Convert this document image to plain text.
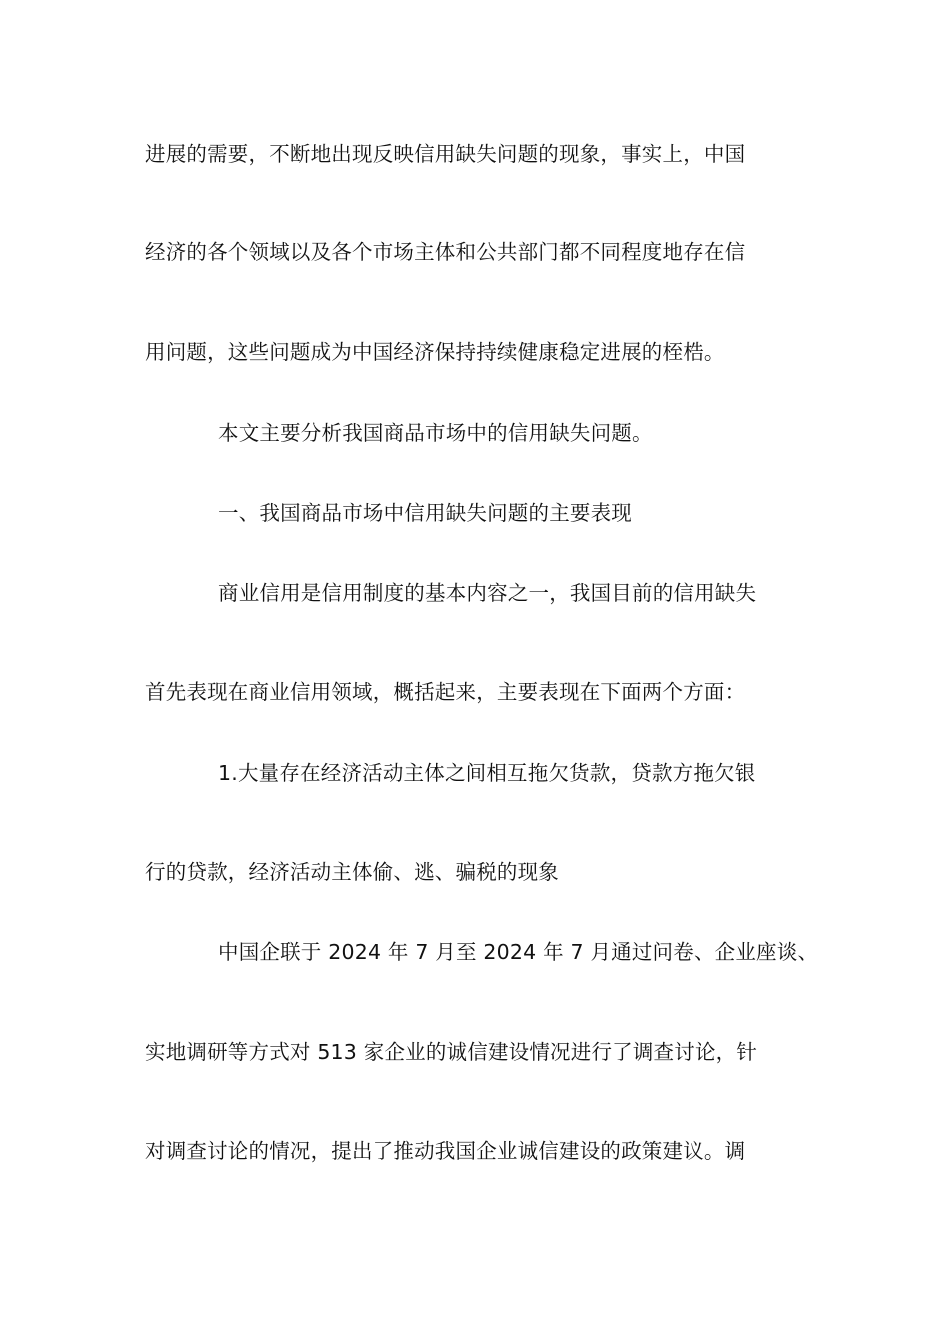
进展的需要，不断地出现反映信用缺失问题的现象，事实上，中国
经济的各个领域以及各个市场主体和公共部门都不同程度地存在信
用问题，这些问题成为中国经济保持持续健康稳定进展的桎梏。
本文主要分析我国商品市场中的信用缺失问题。
一、我国商品市场中信用缺失问题的主要表现
商业信用是信用制度的基本内容之一，我国目前的信用缺失
首先表现在商业信用领域，概括起来，主要表现在下面两个方面：
1.大量存在经济活动主体之间相互拖欠货款，贷款方拖欠银
行的贷款，经济活动主体偷、逃、骗税的现象
中国企联于 2024 年 7 月至 2024 年 7 月通过问卷、企业座谈、
实地调研等方式对 513 家企业的诚信建设情况进行了调查讨论，针
对调查讨论的情况，提出了推动我国企业诚信建设的政策建议。调
